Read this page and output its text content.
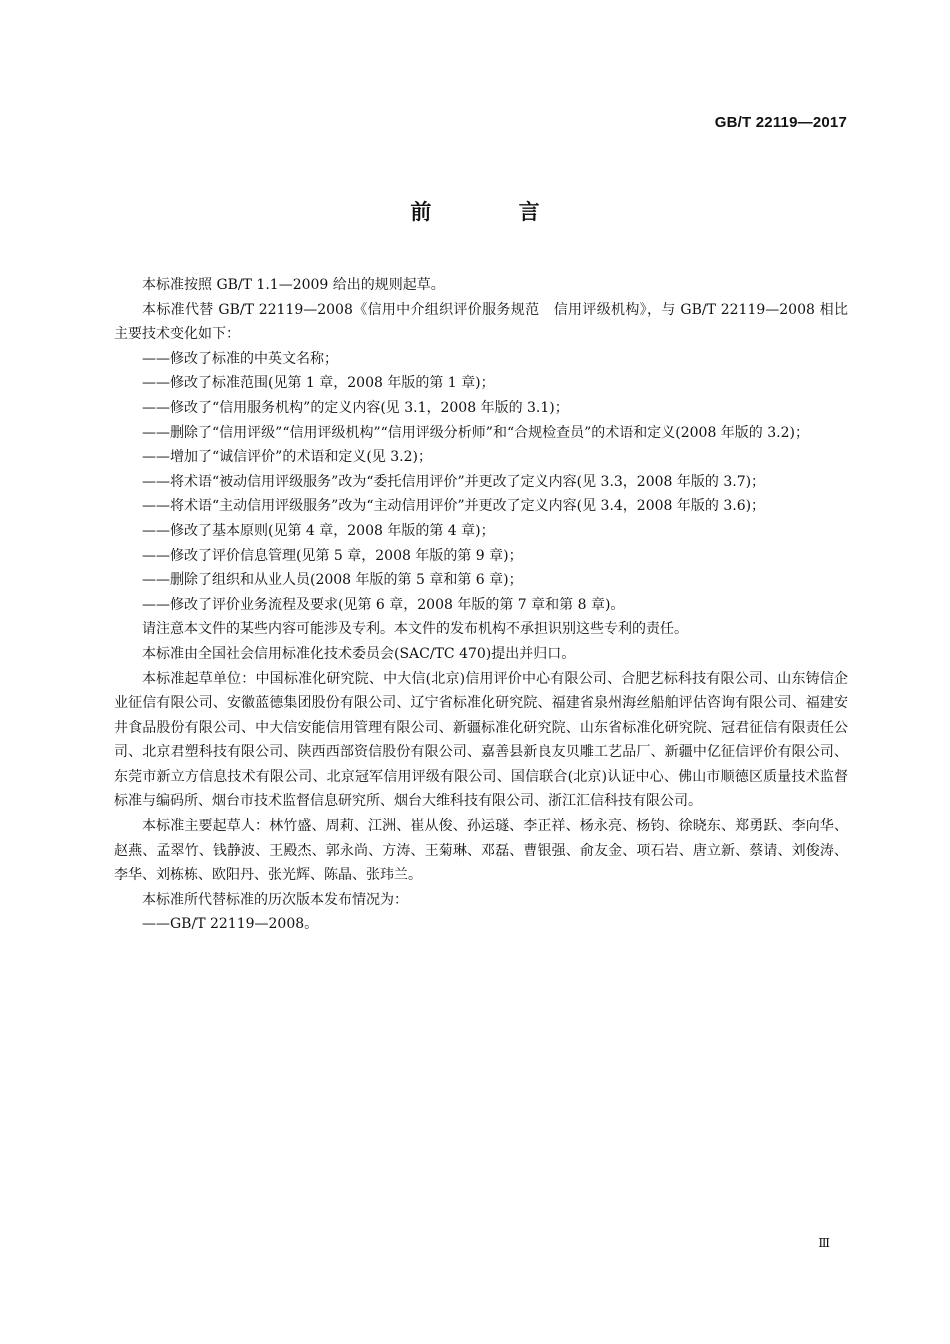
GB/T 22119—2017
前 言

本标准按照 GB/T 1.1—2009 给出的规则起草。

本标准代替 GB/T 22119—2008《信用中介组织评价服务规范　信用评级机构》，与 GB/T 22119—2008 相比主要技术变化如下：

——修改了标准的中英文名称；

——修改了标准范围(见第 1 章，2008 年版的第 1 章)；

——修改了“信用服务机构”的定义内容(见 3.1，2008 年版的 3.1)；

——删除了“信用评级”“信用评级机构”“信用评级分析师”和“合规检查员”的术语和定义(2008 年版的 3.2)；

——增加了“诚信评价”的术语和定义(见 3.2)；

——将术语“被动信用评级服务”改为“委托信用评价”并更改了定义内容(见 3.3，2008 年版的 3.7)；

——将术语“主动信用评级服务”改为“主动信用评价”并更改了定义内容(见 3.4，2008 年版的 3.6)；

——修改了基本原则(见第 4 章，2008 年版的第 4 章)；

——修改了评价信息管理(见第 5 章，2008 年版的第 9 章)；

——删除了组织和从业人员(2008 年版的第 5 章和第 6 章)；

——修改了评价业务流程及要求(见第 6 章，2008 年版的第 7 章和第 8 章)。

请注意本文件的某些内容可能涉及专利。本文件的发布机构不承担识别这些专利的责任。

本标准由全国社会信用标准化技术委员会(SAC/TC 470)提出并归口。

本标准起草单位：中国标准化研究院、中大信(北京)信用评价中心有限公司、合肥艺标科技有限公司、山东铸信企业征信有限公司、安徽蓝德集团股份有限公司、辽宁省标准化研究院、福建省泉州海丝船舶评估咨询有限公司、福建安井食品股份有限公司、中大信安能信用管理有限公司、新疆标准化研究院、山东省标准化研究院、冠君征信有限责任公司、北京君塑科技有限公司、陕西西部资信股份有限公司、嘉善县新良友贝雕工艺品厂、新疆中亿征信评价有限公司、东莞市新立方信息技术有限公司、北京冠军信用评级有限公司、国信联合(北京)认证中心、佛山市顺德区质量技术监督标准与编码所、烟台市技术监督信息研究所、烟台大维科技有限公司、浙江汇信科技有限公司。

本标准主要起草人：林竹盛、周莉、江洲、崔从俊、孙运璲、李正祥、杨永亮、杨钧、徐晓东、郑勇跃、李向华、赵燕、孟翠竹、钱静波、王殿杰、郭永尚、方涛、王菊琳、邓磊、曹银强、俞友金、项石岩、唐立新、蔡请、刘俊涛、李华、刘栋栋、欧阳丹、张光辉、陈晶、张玮兰。

本标准所代替标准的历次版本发布情况为：

——GB/T 22119—2008。

Ⅲ
